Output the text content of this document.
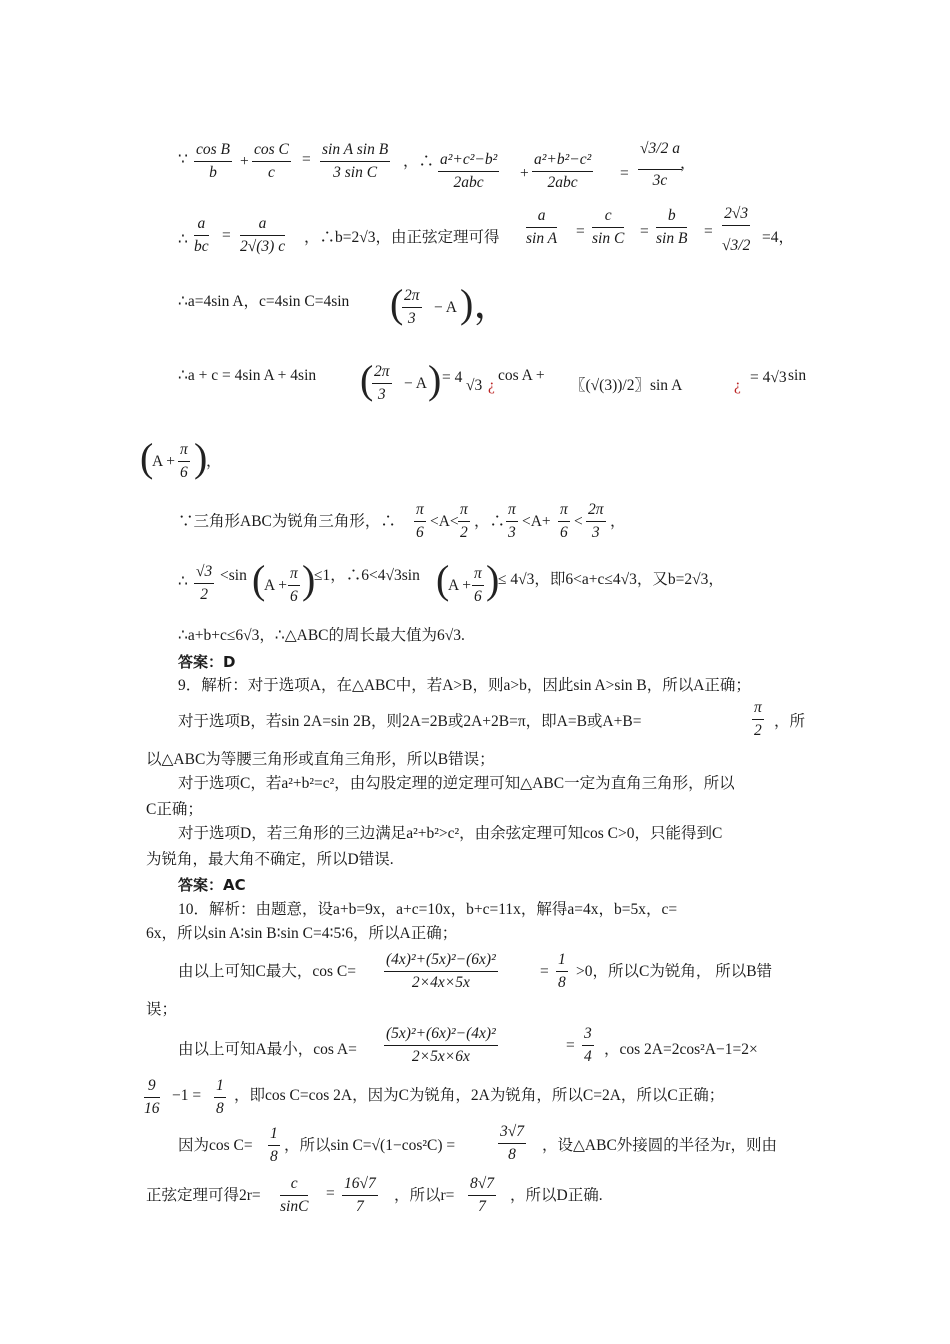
∵ $\frac{\text{cos B}}{b} + \frac{\text{cos C}}{c} = \frac{\text{sin A sin B}}{\text{3 sin C}}$ ，∴ a²+c²−b²
2abc
+
a²+b²−c²
2abc
= $\frac{√3/2 a}{3c}$
，
∴ $\frac{a}{bc} = \frac{a}{2√(3) c}$ ，∴b=2√3，由正弦定理可得 $\frac{a}{\text{sin A}} = \frac{c}{\text{sin C}} = \frac{b}{\text{sin B}} = \frac{2√3}{√3/2} =4$，
∴a=4sin A，c=4sin C=4sin (
$\frac{2\pi}{3} - A$ )，
∴a + c = 4sin A + 4sin (
$\frac{2\pi}{3} - A$ ) = 4 √3 ¿
cos A +
〖(√(3))/2〗sin A	¿ = 4√3 sin
(
$A + \frac{\pi}{6}$ )
，
∵三角形ABC为锐角三角形，∴ $\frac{\pi}{6} <A< \frac{\pi}{2}$ ，∴ $\frac{\pi}{3} <A+ \frac{\pi}{6} < \frac{2\pi}{3}$ ，
∴ $\frac{√3}{2} <\sin$ (
$A + \frac{\pi}{6}$ )
≤1，∴6<4√3sin (
$A + \frac{\pi}{6}$ )
≤ 4√3，即6<a+c≤4√3，又b=2√3，
∴a+b+c≤6√3，∴△ABC的周长最大值为6√3.
答案：D
9．解析：对于选项A，在△ABC中，若A>B，则a>b，因此sin A>sin B，所以A正确；
对于选项B，若sin 2A=sin 2B，则2A=2B或2A+2B=π，即A=B或A+B=	$\frac{\pi}{2}$ ，所
以△ABC为等腰三角形或直角三角形，所以B错误；
对于选项C，若a²+b²=c²，由勾股定理的逆定理可知△ABC一定为直角三角形，所以
C正确；
对于选项D，若三角形的三边满足a²+b²>c²，由余弦定理可知cos C>0，只能得到C
为锐角，最大角不确定，所以D错误.
答案：AC
10．解析：由题意，设a+b=9x，a+c=10x，b+c=11x，解得a=4x，b=5x，c=
6x，所以sin A∶sin B∶sin C=4∶5∶6，所以A正确；
由以上可知C最大，$\cos C= \frac{\text{(4x)²+(5x)²−(6x)²}}{2\times 4x\times 5x}$	= $\frac{1}{8} >0$，所以C为锐角， 所以B错
误；
由以上可知A最小，$\cos A= \frac{\text{(5x)²+(6x)²−(4x)²}}{2\times 5x\times 6x}$	= $\frac{3}{4}$ ，cos 2A=2cos²A−1=2×
$\frac{9}{16} -1 = \frac{1}{8}$ ，即cos C=cos 2A，因为C为锐角，2A为锐角，所以C=2A，所以C正确；
因为$\cos C= \frac{1}{8}$ ，所以sin C=√(1−cos²C) =	$\frac{3√7}{8}$ ，设△ABC外接圆的半径为r，则由
正弦定理可得$2r= \frac{c}{\sin C} = \frac{16√7}{7}$ ，所以$r= \frac{8√7}{7}$ ，所以D正确.
